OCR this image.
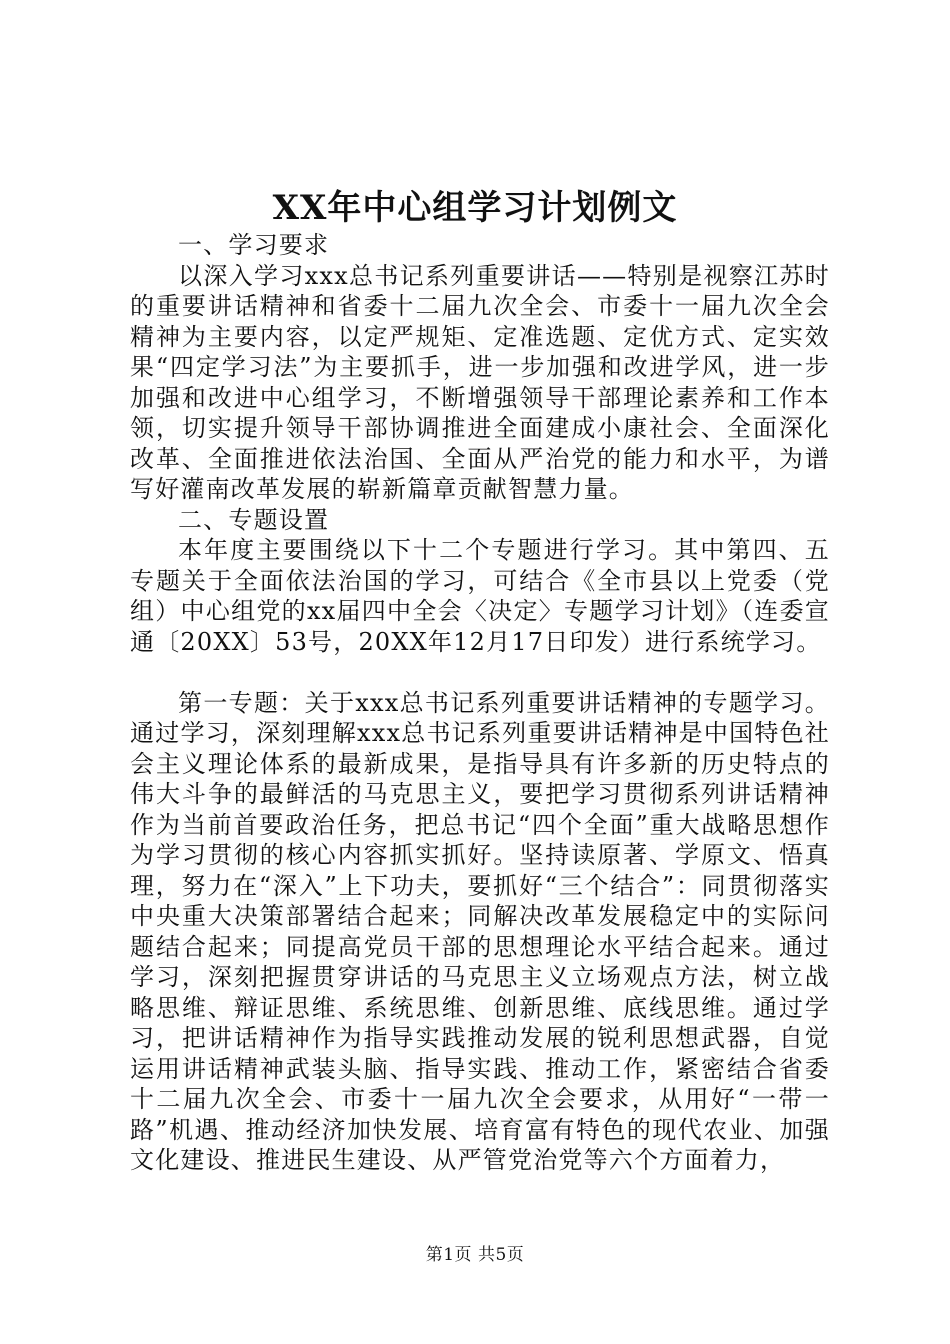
XX年中心组学习计划例文

一、学习要求

以深入学习xxx总书记系列重要讲话——特别是视察江苏时的重要讲话精神和省委十二届九次全会、市委十一届九次全会精神为主要内容，以定严规矩、定准选题、定优方式、定实效果“四定学习法”为主要抓手，进一步加强和改进学风，进一步加强和改进中心组学习，不断增强领导干部理论素养和工作本领，切实提升领导干部协调推进全面建成小康社会、全面深化改革、全面推进依法治国、全面从严治党的能力和水平，为谱写好灌南改革发展的崭新篇章贡献智慧力量。

二、专题设置

本年度主要围绕以下十二个专题进行学习。其中第四、五专题关于全面依法治国的学习，可结合《全市县以上党委（党组）中心组党的xx届四中全会〈决定〉专题学习计划》（连委宣通〔20XX〕53号，20XX年12月17日印发）进行系统学习。

第一专题：关于xxx总书记系列重要讲话精神的专题学习。通过学习，深刻理解xxx总书记系列重要讲话精神是中国特色社会主义理论体系的最新成果，是指导具有许多新的历史特点的伟大斗争的最鲜活的马克思主义，要把学习贯彻系列讲话精神作为当前首要政治任务，把总书记“四个全面”重大战略思想作为学习贯彻的核心内容抓实抓好。坚持读原著、学原文、悟真理，努力在“深入”上下功夫，要抓好“三个结合”：同贯彻落实中央重大决策部署结合起来；同解决改革发展稳定中的实际问题结合起来；同提高党员干部的思想理论水平结合起来。通过学习，深刻把握贯穿讲话的马克思主义立场观点方法，树立战略思维、辩证思维、系统思维、创新思维、底线思维。通过学习，把讲话精神作为指导实践推动发展的锐利思想武器，自觉运用讲话精神武装头脑、指导实践、推动工作，紧密结合省委十二届九次全会、市委十一届九次全会要求，从用好“一带一路”机遇、推动经济加快发展、培育富有特色的现代农业、加强文化建设、推进民生建设、从严管党治党等六个方面着力，

第1页 共5页
